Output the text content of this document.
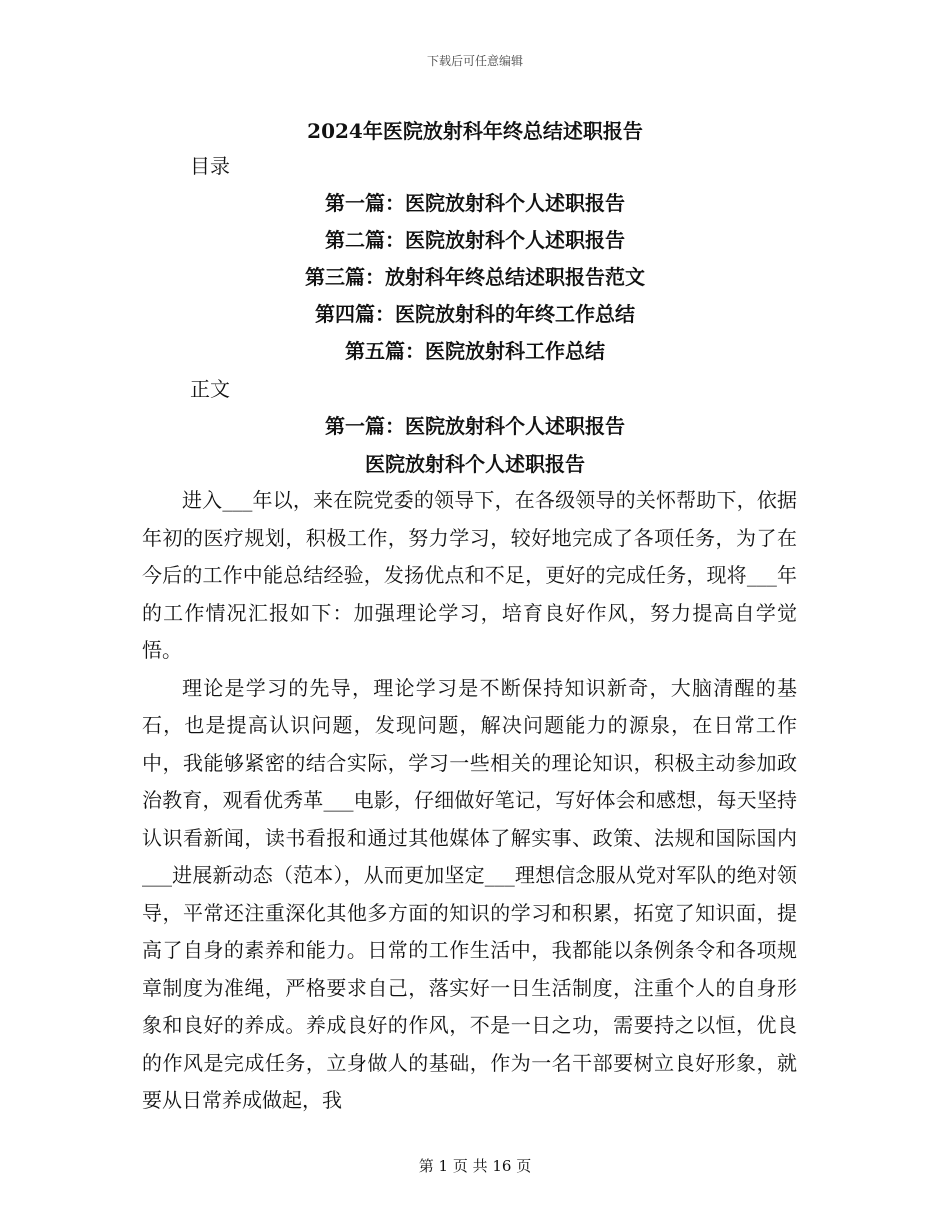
下载后可任意编辑
2024年医院放射科年终总结述职报告
目录
第一篇：医院放射科个人述职报告
第二篇：医院放射科个人述职报告
第三篇：放射科年终总结述职报告范文
第四篇：医院放射科的年终工作总结
第五篇：医院放射科工作总结
正文
第一篇：医院放射科个人述职报告
医院放射科个人述职报告

进入___年以，来在院党委的领导下，在各级领导的关怀帮助下，依据年初的医疗规划，积极工作，努力学习，较好地完成了各项任务，为了在今后的工作中能总结经验，发扬优点和不足，更好的完成任务，现将___年的工作情况汇报如下：加强理论学习，培育良好作风，努力提高自学觉悟。

理论是学习的先导，理论学习是不断保持知识新奇，大脑清醒的基石，也是提高认识问题，发现问题，解决问题能力的源泉，在日常工作中，我能够紧密的结合实际，学习一些相关的理论知识，积极主动参加政治教育，观看优秀革___电影，仔细做好笔记，写好体会和感想，每天坚持认识看新闻，读书看报和通过其他媒体了解实事、政策、法规和国际国内___进展新动态（范本），从而更加坚定___理想信念服从党对军队的绝对领导，平常还注重深化其他多方面的知识的学习和积累，拓宽了知识面，提高了自身的素养和能力。日常的工作生活中，我都能以条例条令和各项规章制度为准绳，严格要求自己，落实好一日生活制度，注重个人的自身形象和良好的养成。养成良好的作风，不是一日之功，需要持之以恒，优良的作风是完成任务，立身做人的基础，作为一名干部要树立良好形象，就要从日常养成做起，我

第 1 页 共 16 页
